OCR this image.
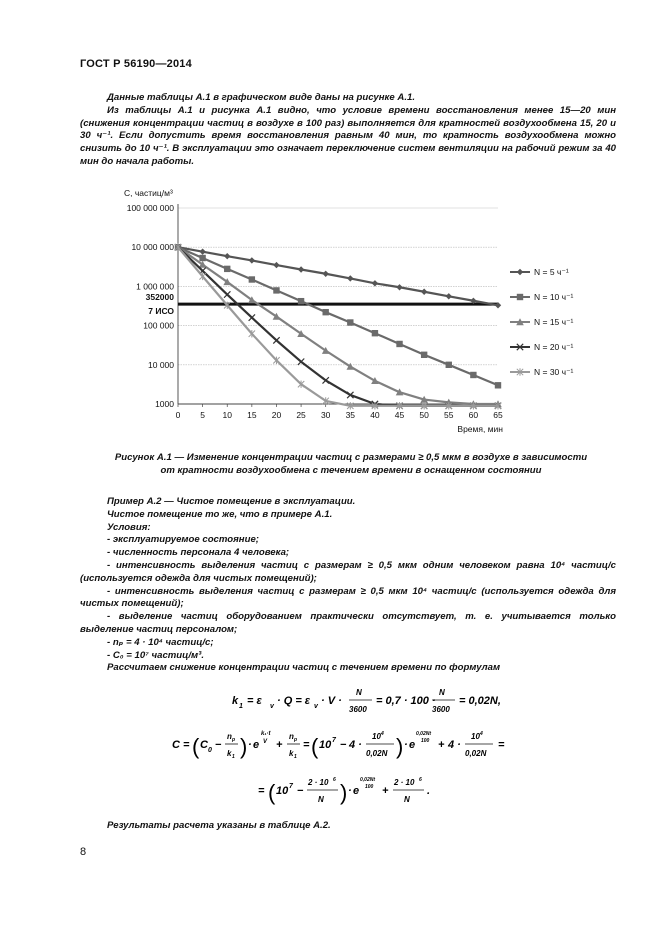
ГОСТ Р 56190—2014

Данные таблицы А.1 в графическом виде даны на рисунке А.1.

Из таблицы А.1 и рисунка А.1 видно, что условие времени восстановления менее 15—20 мин (снижения концентрации частиц в воздухе в 100 раз) выполняется для кратностей воздухообмена 15, 20 и 30 ч⁻¹. Если допустить время восстановления равным 40 мин, то кратность воздухообмена можно снизить до 10 ч⁻¹. В эксплуатации это означает переключение систем вентиляции на рабочий режим за 40 мин до начала работы.

C, частиц/м³
100 000 000
10 000 000
1 000 000
100 000
10 000
1000
0 5 10 15 20 25 30 35 40 45 50 55 60 65
Время, мин
352000
7 ИСО
N = 5 ч⁻¹
N = 10 ч⁻¹
N = 15 ч⁻¹
N = 20 ч⁻¹
N = 30 ч⁻¹
Рисунок А.1 — Изменение концентрации частиц с размерами ≥ 0,5 мкм в воздухе в зависимости
от кратности воздухообмена с течением времени в оснащенном состоянии

Пример А.2 — Чистое помещение в эксплуатации.

Чистое помещение то же, что в примере А.1.

Условия:

- эксплуатируемое состояние;

- численность персонала 4 человека;

- интенсивность выделения частиц с размерам ≥ 0,5 мкм одним человеком равна 10⁴ частиц/с (используется одежда для чистых помещений);

- интенсивность выделения частиц с размерам ≥ 0,5 мкм 10⁴ частиц/с (используется одежда для чистых помещений);

- выделение частиц оборудованием практически отсутствует, т. е. учитывается только выделение частиц персоналом;

- nₚ = 4 · 10⁴ частиц/с;

- C₀ = 10⁷ частиц/м³.

Рассчитаем снижение концентрации частиц с течением времени по формулам

k 1 = ε v · Q = ε v · V ·
N
3600
= 0,7 · 100 ·
N
3600
= 0,02N,
C = ( C 0 −
n p
k 1 ) · e
k₁·t
V +
n p
k 1
= ( 10 7 − 4 ·
10 4
0,02N ) · e
0,02Nt
100 + 4 ·
10 4
0,02N
=
= ( 10 7 −
2 · 10 6
N ) · e
0,02Nt
100 +
2 · 10 6
N
.
Результаты расчета указаны в таблице А.2.
8
